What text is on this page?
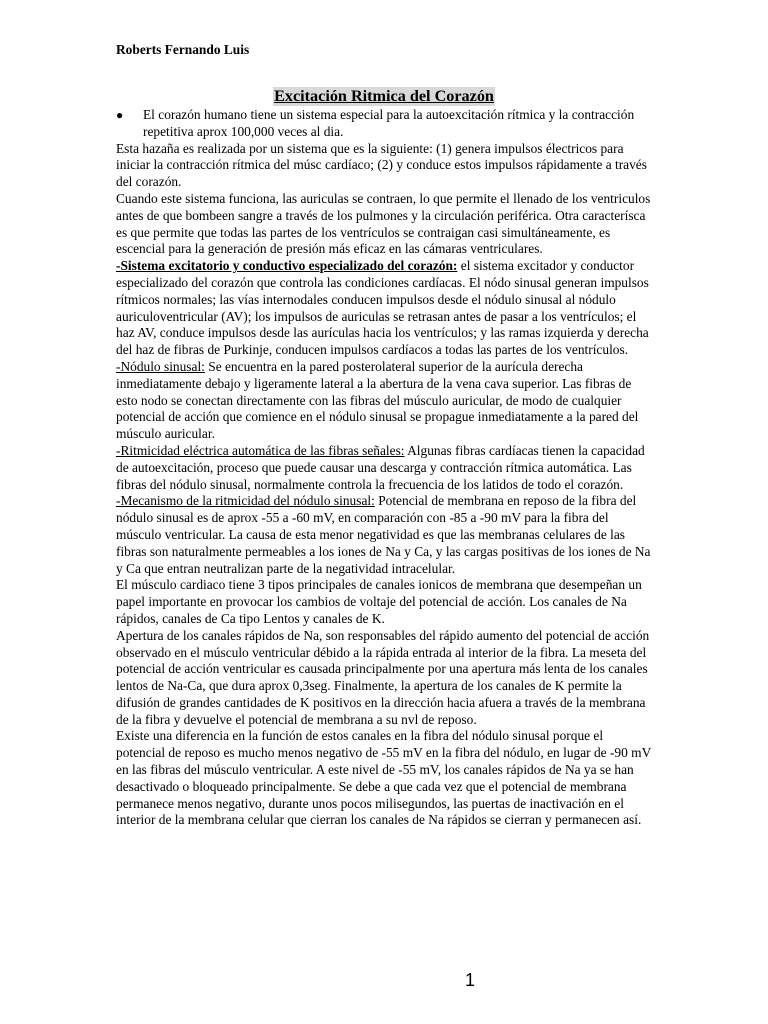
Roberts Fernando Luis
Excitación Ritmica del Corazón

● El corazón humano tiene un sistema especial para la autoexcitación rítmica y la contracción repetitiva aprox 100,000 veces al dia.

Esta hazaña es realizada por un sistema que es la siguiente: (1) genera impulsos électricos para iniciar la contracción rítmica del músc cardíaco; (2) y conduce estos impulsos rápidamente a través del corazón.

Cuando este sistema funciona, las auriculas se contraen, lo que permite el llenado de los ventriculos antes de que bombeen sangre a través de los pulmones y la circulación periférica. Otra caracterísca es que permite que todas las partes de los ventrículos se contraigan casi simultáneamente, es escencial para la generación de presión más eficaz en las cámaras ventriculares.

-Sistema excitatorio y conductivo especializado del corazón: el sistema excitador y conductor especializado del corazón que controla las condiciones cardíacas. El nódo sinusal generan impulsos rítmicos normales; las vías internodales conducen impulsos desde el nódulo sinusal al nódulo auriculoventricular (AV); los impulsos de auriculas se retrasan antes de pasar a los ventrículos; el haz AV, conduce impulsos desde las aurículas hacia los ventrículos; y las ramas izquierda y derecha del haz de fibras de Purkinje, conducen impulsos cardíacos a todas las partes de los ventrículos.

-Nódulo sinusal: Se encuentra en la pared posterolateral superior de la aurícula derecha inmediatamente debajo y ligeramente lateral a la abertura de la vena cava superior. Las fibras de esto nodo se conectan directamente con las fibras del músculo auricular, de modo de cualquier potencial de acción que comience en el nódulo sinusal se propague inmediatamente a la pared del músculo auricular.

-Ritmicidad eléctrica automática de las fibras señales: Algunas fibras cardíacas tienen la capacidad de autoexcitación, proceso que puede causar una descarga y contracción rítmica automática. Las fibras del nódulo sinusal, normalmente controla la frecuencia de los latidos de todo el corazón.

-Mecanismo de la ritmicidad del nódulo sinusal: Potencial de membrana en reposo de la fibra del nódulo sinusal es de aprox -55 a -60 mV, en comparación con -85 a -90 mV para la fibra del músculo ventricular. La causa de esta menor negatividad es que las membranas celulares de las fibras son naturalmente permeables a los iones de Na y Ca, y las cargas positivas de los iones de Na y Ca que entran neutralizan parte de la negatividad intracelular.

El músculo cardiaco tiene 3 tipos principales de canales ionicos de membrana que desempeñan un papel importante en provocar los cambios de voltaje del potencial de acción. Los canales de Na rápidos, canales de Ca tipo Lentos y canales de K.

Apertura de los canales rápidos de Na, son responsables del rápido aumento del potencial de acción observado en el músculo ventricular débido a la rápida entrada al interior de la fibra. La meseta del potencial de acción ventricular es causada principalmente por una apertura más lenta de los canales lentos de Na-Ca, que dura aprox 0,3seg. Finalmente, la apertura de los canales de K permite la difusión de grandes cantidades de K positivos en la dirección hacia afuera a través de la membrana de la fibra y devuelve el potencial de membrana a su nvl de reposo.

Existe una diferencia en la función de estos canales en la fibra del nódulo sinusal porque el potencial de reposo es mucho menos negativo de -55 mV en la fibra del nódulo, en lugar de -90 mV en las fibras del músculo ventricular. A este nivel de -55 mV, los canales rápidos de Na ya se han desactivado o bloqueado principalmente. Se debe a que cada vez que el potencial de membrana permanece menos negativo, durante unos pocos milisegundos, las puertas de inactivación en el interior de la membrana celular que cierran los canales de Na rápidos se cierran y permanecen así.

1
